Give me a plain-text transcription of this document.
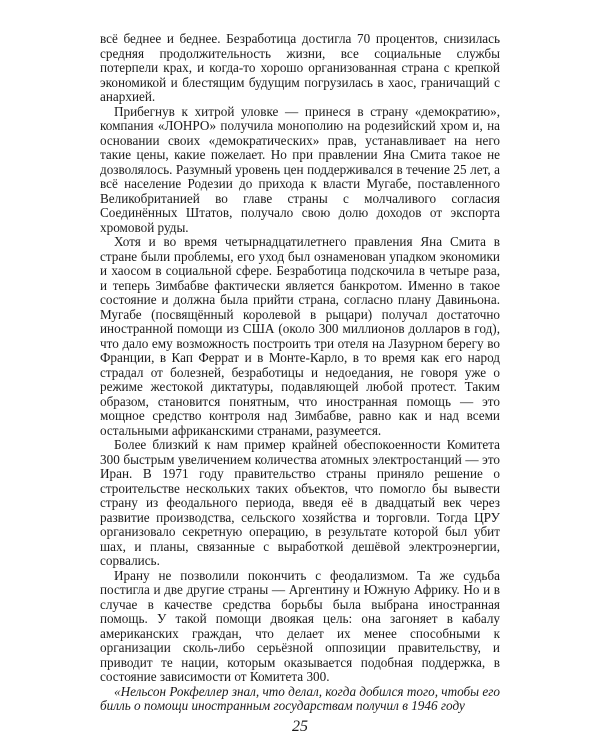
всё беднее и беднее. Безработица достигла 70 процентов, снизилась средняя продолжительность жизни, все социальные службы потерпели крах, и когда-то хорошо организованная страна с крепкой экономикой и блестящим будущим погрузилась в хаос, граничащий с анархией.

Прибегнув к хитрой уловке — принеся в страну «демократию», компания «ЛОНРО» получила монополию на родезийский хром и, на основании своих «демократических» прав, устанавливает на него такие цены, какие пожелает. Но при правлении Яна Смита такое не дозволялось. Разумный уровень цен поддерживался в течение 25 лет, а всё население Родезии до прихода к власти Мугабе, поставленного Великобританией во главе страны с молчаливого согласия Соединённых Штатов, получало свою долю доходов от экспорта хромовой руды.

Хотя и во время четырнадцатилетнего правления Яна Смита в стране были проблемы, его уход был ознаменован упадком экономики и хаосом в социальной сфере. Безработица подскочила в четыре раза, и теперь Зимбабве фактически является банкротом. Именно в такое состояние и должна была прийти страна, согласно плану Давиньона. Мугабе (посвящённый королевой в рыцари) получал достаточно иностранной помощи из США (около 300 миллионов долларов в год), что дало ему возможность построить три отеля на Лазурном берегу во Франции, в Кап Феррат и в Монте-Карло, в то время как его народ страдал от болезней, безработицы и недоедания, не говоря уже о режиме жестокой диктатуры, подавляющей любой протест. Таким образом, становится понятным, что иностранная помощь — это мощное средство контроля над Зимбабве, равно как и над всеми остальными африканскими странами, разумеется.

Более близкий к нам пример крайней обеспокоенности Комитета 300 быстрым увеличением количества атомных электростанций — это Иран. В 1971 году правительство страны приняло решение о строительстве нескольких таких объектов, что помогло бы вывести страну из феодального периода, введя её в двадцатый век через развитие производства, сельского хозяйства и торговли. Тогда ЦРУ организовало секретную операцию, в результате которой был убит шах, и планы, связанные с выработкой дешёвой электроэнергии, сорвались.

Ирану не позволили покончить с феодализмом. Та же судьба постигла и две другие страны — Аргентину и Южную Африку. Но и в случае в качестве средства борьбы была выбрана иностранная помощь. У такой помощи двоякая цель: она загоняет в кабалу американских граждан, что делает их менее способными к организации сколь-либо серьёзной оппозиции правительству, и приводит те нации, которым оказывается подобная поддержка, в состояние зависимости от Комитета 300.

«Нельсон Рокфеллер знал, что делал, когда добился того, чтобы его билль о помощи иностранным государствам получил в 1946 году

25
